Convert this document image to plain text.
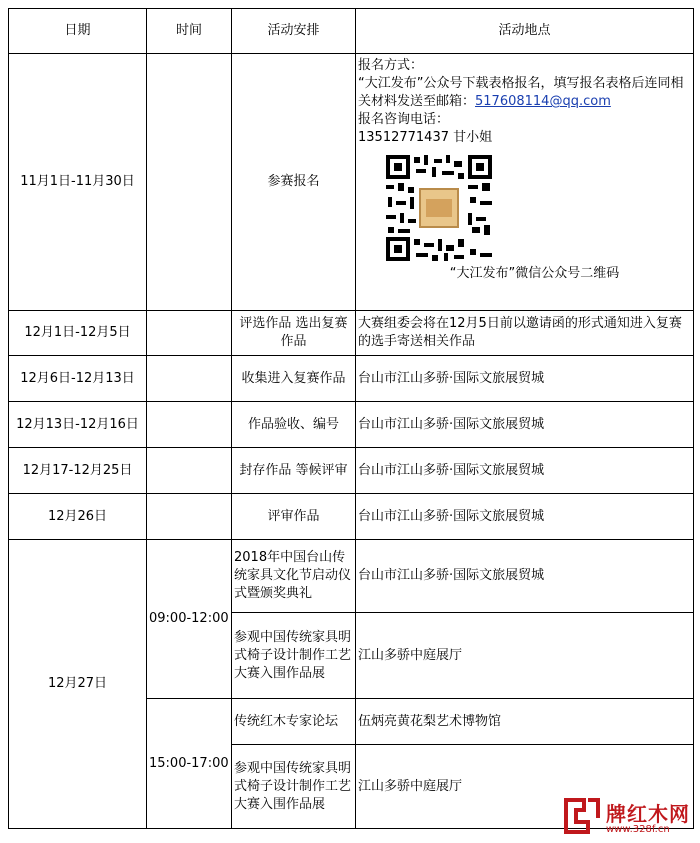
日期	时间	活动安排	活动地点
11月1日-11月30日		参赛报名	报名方式：
“大江发布”公众号下载表格报名，填写报名表格后连同相关材料发送至邮箱：517608114@qq.com
报名咨询电话：
13512771437 甘小姐
“大江发布”微信公众号二维码

12月1日-12月5日		评选作品 选出复赛作品	大赛组委会将在12月5日前以邀请函的形式通知进入复赛的选手寄送相关作品
12月6日-12月13日		收集进入复赛作品	台山市江山多骄·国际文旅展贸城
12月13日-12月16日		作品验收、编号	台山市江山多骄·国际文旅展贸城
12月17-12月25日		封存作品 等候评审	台山市江山多骄·国际文旅展贸城
12月26日		评审作品	台山市江山多骄·国际文旅展贸城
12月27日	09:00-12:00	2018年中国台山传统家具文化节启动仪式暨颁奖典礼	台山市江山多骄·国际文旅展贸城
		参观中国传统家具明式椅子设计制作工艺大赛入围作品展	江山多骄中庭展厅
	15:00-17:00	传统红木专家论坛	伍炳亮黄花梨艺术博物馆
		参观中国传统家具明式椅子设计制作工艺大赛入围作品展	江山多骄中庭展厅
牌红木网
www.328f.cn
